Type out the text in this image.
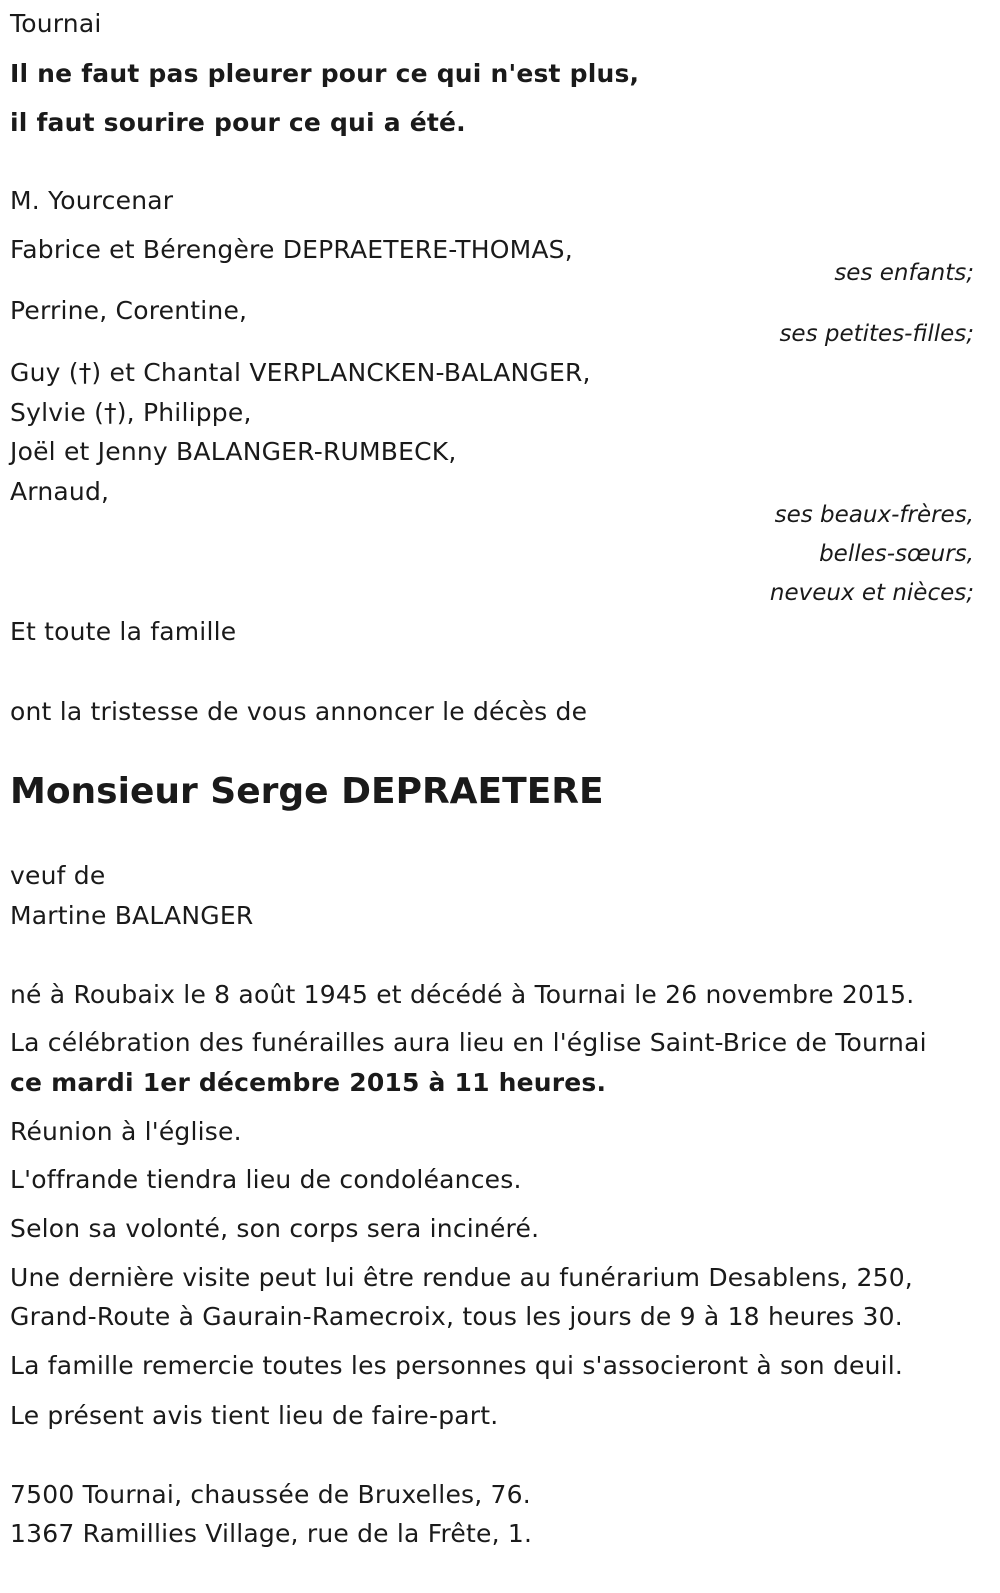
Tournai
Il ne faut pas pleurer pour ce qui n'est plus,
il faut sourire pour ce qui a été.
M. Yourcenar
Fabrice et Bérengère DEPRAETERE-THOMAS,
ses enfants;
Perrine, Corentine,
ses petites-filles;
Guy (†) et Chantal VERPLANCKEN-BALANGER,
Sylvie (†), Philippe,
Joël et Jenny BALANGER-RUMBECK,
Arnaud,
ses beaux-frères,
belles-sœurs,
neveux et nièces;
Et toute la famille
ont la tristesse de vous annoncer le décès de
Monsieur Serge DEPRAETERE
veuf de
Martine BALANGER
né à Roubaix le 8 août 1945 et décédé à Tournai le 26 novembre 2015.
La célébration des funérailles aura lieu en l'église Saint-Brice de Tournai
ce mardi 1er décembre 2015 à 11 heures.
Réunion à l'église.
L'offrande tiendra lieu de condoléances.
Selon sa volonté, son corps sera incinéré.
Une dernière visite peut lui être rendue au funérarium Desablens, 250,
Grand-Route à Gaurain-Ramecroix, tous les jours de 9 à 18 heures 30.
La famille remercie toutes les personnes qui s'associeront à son deuil.
Le présent avis tient lieu de faire-part.
7500 Tournai, chaussée de Bruxelles, 76.
1367 Ramillies Village, rue de la Frête, 1.
